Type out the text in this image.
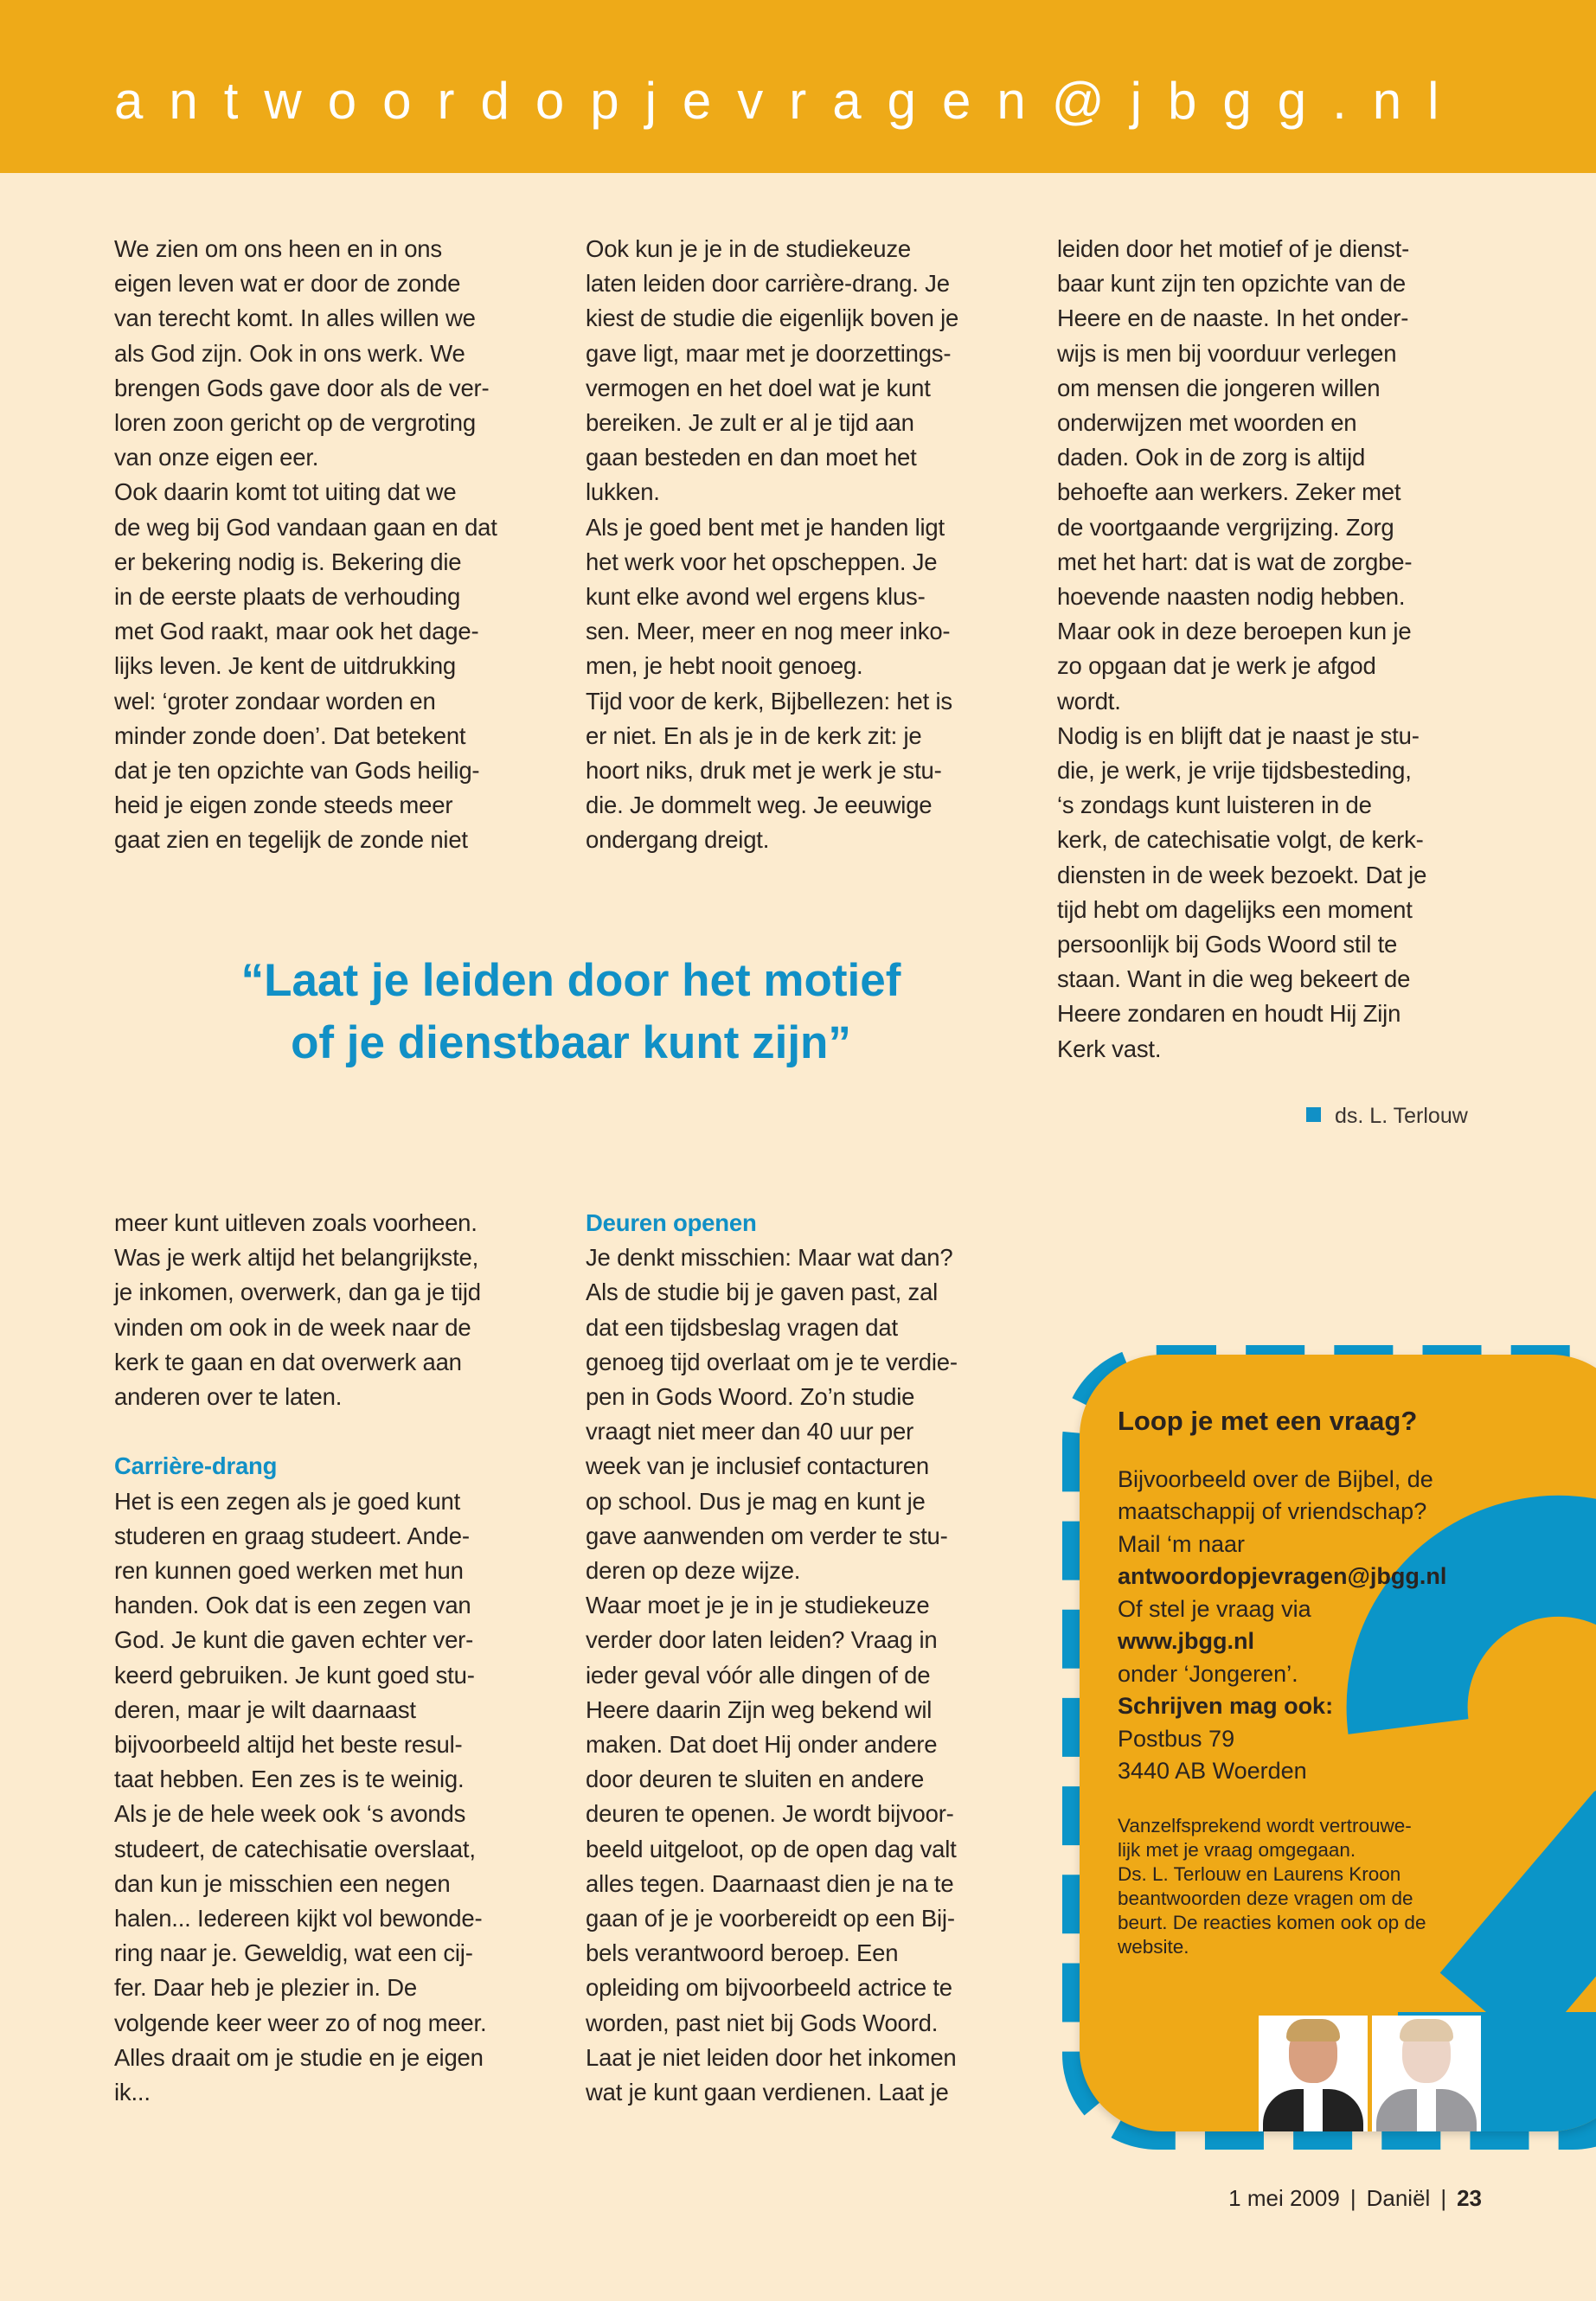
antwoordopjevragen@jbgg.nl
We zien om ons heen en in ons
eigen leven wat er door de zonde
van terecht komt. In alles willen we
als God zijn. Ook in ons werk. We
brengen Gods gave door als de ver-
loren zoon gericht op de vergroting
van onze eigen eer.
Ook daarin komt tot uiting dat we
de weg bij God vandaan gaan en dat
er bekering nodig is. Bekering die
in de eerste plaats de verhouding
met God raakt, maar ook het dage-
lijks leven. Je kent de uitdrukking
wel: ‘groter zondaar worden en
minder zonde doen’. Dat betekent
dat je ten opzichte van Gods heilig-
heid je eigen zonde steeds meer
gaat zien en tegelijk de zonde niet
Ook kun je je in de studiekeuze
laten leiden door carrière-drang. Je
kiest de studie die eigenlijk boven je
gave ligt, maar met je doorzettings-
vermogen en het doel wat je kunt
bereiken. Je zult er al je tijd aan
gaan besteden en dan moet het
lukken.
Als je goed bent met je handen ligt
het werk voor het opscheppen. Je
kunt elke avond wel ergens klus-
sen. Meer, meer en nog meer inko-
men, je hebt nooit genoeg.
Tijd voor de kerk, Bijbellezen: het is
er niet. En als je in de kerk zit: je
hoort niks, druk met je werk je stu-
die. Je dommelt weg. Je eeuwige
ondergang dreigt.
leiden door het motief of je dienst-
baar kunt zijn ten opzichte van de
Heere en de naaste. In het onder-
wijs is men bij voorduur verlegen
om mensen die jongeren willen
onderwijzen met woorden en
daden. Ook in de zorg is altijd
behoefte aan werkers. Zeker met
de voortgaande vergrijzing. Zorg
met het hart: dat is wat de zorgbe-
hoevende naasten nodig hebben.
Maar ook in deze beroepen kun je
zo opgaan dat je werk je afgod
wordt.
Nodig is en blijft dat je naast je stu-
die, je werk, je vrije tijdsbesteding,
‘s zondags kunt luisteren in de
kerk, de catechisatie volgt, de kerk-
diensten in de week bezoekt. Dat je
tijd hebt om dagelijks een moment
persoonlijk bij Gods Woord stil te
staan. Want in die weg bekeert de
Heere zondaren en houdt Hij Zijn
Kerk vast.
“Laat je leiden door het motief
of je dienstbaar kunt zijn”
ds. L. Terlouw
meer kunt uitleven zoals voorheen.
Was je werk altijd het belangrijkste,
je inkomen, overwerk, dan ga je tijd
vinden om ook in de week naar de
kerk te gaan en dat overwerk aan
anderen over te laten.
Carrière-drang
Het is een zegen als je goed kunt
studeren en graag studeert. Ande-
ren kunnen goed werken met hun
handen. Ook dat is een zegen van
God. Je kunt die gaven echter ver-
keerd gebruiken. Je kunt goed stu-
deren, maar je wilt daarnaast
bijvoorbeeld altijd het beste resul-
taat hebben. Een zes is te weinig.
Als je de hele week ook ‘s avonds
studeert, de catechisatie overslaat,
dan kun je misschien een negen
halen... Iedereen kijkt vol bewonde-
ring naar je. Geweldig, wat een cij-
fer. Daar heb je plezier in. De
volgende keer weer zo of nog meer.
Alles draait om je studie en je eigen
ik...
Deuren openen
Je denkt misschien: Maar wat dan?
Als de studie bij je gaven past, zal
dat een tijdsbeslag vragen dat
genoeg tijd overlaat om je te verdie-
pen in Gods Woord. Zo’n studie
vraagt niet meer dan 40 uur per
week van je inclusief contacturen
op school. Dus je mag en kunt je
gave aanwenden om verder te stu-
deren op deze wijze.
Waar moet je je in je studiekeuze
verder door laten leiden? Vraag in
ieder geval vóór alle dingen of de
Heere daarin Zijn weg bekend wil
maken. Dat doet Hij onder andere
door deuren te sluiten en andere
deuren te openen. Je wordt bijvoor-
beeld uitgeloot, op de open dag valt
alles tegen. Daarnaast dien je na te
gaan of je je voorbereidt op een Bij-
bels verantwoord beroep. Een
opleiding om bijvoorbeeld actrice te
worden, past niet bij Gods Woord.
Laat je niet leiden door het inkomen
wat je kunt gaan verdienen. Laat je
Loop je met een vraag?
Bijvoorbeeld over de Bijbel, de
maatschappij of vriendschap?
Mail ‘m naar
antwoordopjevragen@jbgg.nl
Of stel je vraag via
www.jbgg.nl
onder ‘Jongeren’.
Schrijven mag ook:
Postbus 79
3440 AB Woerden
Vanzelfsprekend wordt vertrouwe-
lijk met je vraag omgegaan.
Ds. L. Terlouw en Laurens Kroon
beantwoorden deze vragen om de
beurt. De reacties komen ook op de
website.
1 mei 2009 | Daniël | 23
